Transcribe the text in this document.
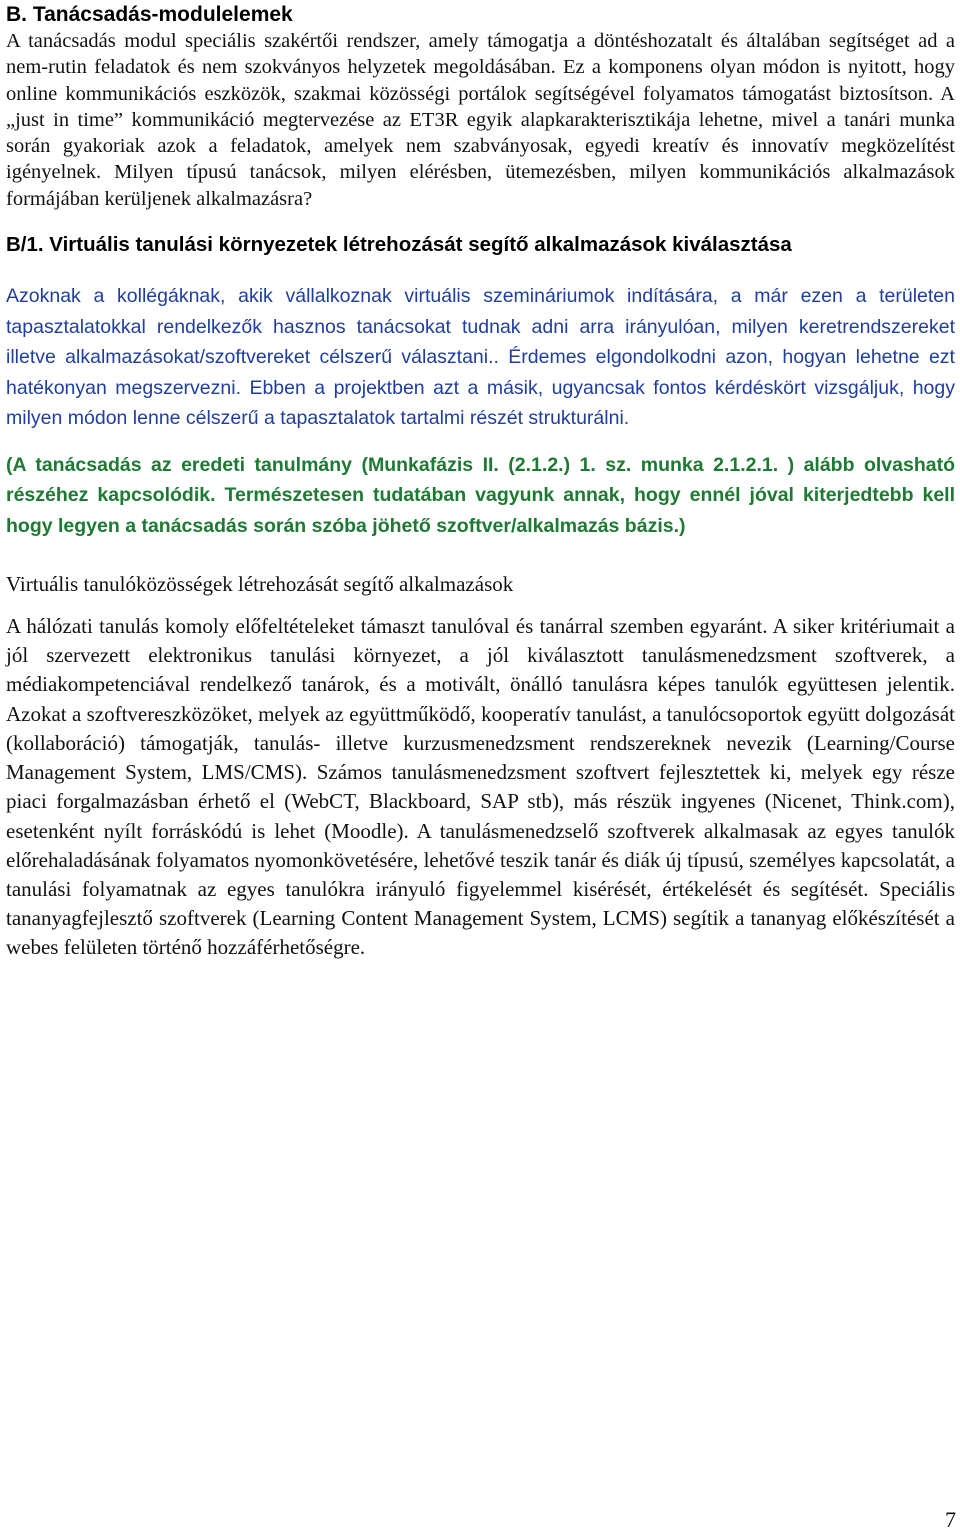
B. Tanácsadás-modulelemek

A tanácsadás modul speciális szakértői rendszer, amely támogatja a döntéshozatalt és általában segítséget ad a nem-rutin feladatok és nem szokványos helyzetek megoldásában. Ez a komponens olyan módon is nyitott, hogy online kommunikációs eszközök, szakmai közösségi portálok segítségével folyamatos támogatást biztosítson. A „just in time” kommunikáció megtervezése az ET3R egyik alapkarakterisztikája lehetne, mivel a tanári munka során gyakoriak azok a feladatok, amelyek nem szabványosak, egyedi kreatív és innovatív megközelítést igényelnek. Milyen típusú tanácsok, milyen elérésben, ütemezésben, milyen kommunikációs alkalmazások formájában kerüljenek alkalmazásra?

B/1. Virtuális tanulási környezetek létrehozását segítő alkalmazások kiválasztása

Azoknak a kollégáknak, akik vállalkoznak virtuális szemináriumok indítására, a már ezen a területen tapasztalatokkal rendelkezők hasznos tanácsokat tudnak adni arra irányulóan, milyen keretrendszereket illetve alkalmazásokat/szoftvereket célszerű választani.. Érdemes elgondolkodni azon, hogyan lehetne ezt hatékonyan megszervezni. Ebben a projektben azt a másik, ugyancsak fontos kérdéskört vizsgáljuk, hogy milyen módon lenne célszerű a tapasztalatok tartalmi részét strukturálni.

(A tanácsadás az eredeti tanulmány (Munkafázis II. (2.1.2.) 1. sz. munka 2.1.2.1. ) alább olvasható részéhez kapcsolódik. Természetesen tudatában vagyunk annak, hogy ennél jóval kiterjedtebb kell hogy legyen a tanácsadás során szóba jöhető szoftver/alkalmazás bázis.)

Virtuális tanulóközösségek létrehozását segítő alkalmazások

A hálózati tanulás komoly előfeltételeket támaszt tanulóval és tanárral szemben egyaránt. A siker kritériumait a jól szervezett elektronikus tanulási környezet, a jól kiválasztott tanulásmenedzsment szoftverek, a médiakompetenciával rendelkező tanárok, és a motivált, önálló tanulásra képes tanulók együttesen jelentik. Azokat a szoftvereszközöket, melyek az együttműködő, kooperatív tanulást, a tanulócsoportok együtt dolgozását (kollaboráció) támogatják, tanulás- illetve kurzusmenedzsment rendszereknek nevezik (Learning/Course Management System, LMS/CMS). Számos tanulásmenedzsment szoftvert fejlesztettek ki, melyek egy része piaci forgalmazásban érhető el (WebCT, Blackboard, SAP stb), más részük ingyenes (Nicenet, Think.com), esetenként nyílt forráskódú is lehet (Moodle). A tanulásmenedzselő szoftverek alkalmasak az egyes tanulók előrehaladásának folyamatos nyomonkövetésére, lehetővé teszik tanár és diák új típusú, személyes kapcsolatát, a tanulási folyamatnak az egyes tanulókra irányuló figyelemmel kisérését, értékelését és segítését. Speciális tananyagfejlesztő szoftverek (Learning Content Management System, LCMS) segítik a tananyag előkészítését a webes felületen történő hozzáférhetőségre.

7
